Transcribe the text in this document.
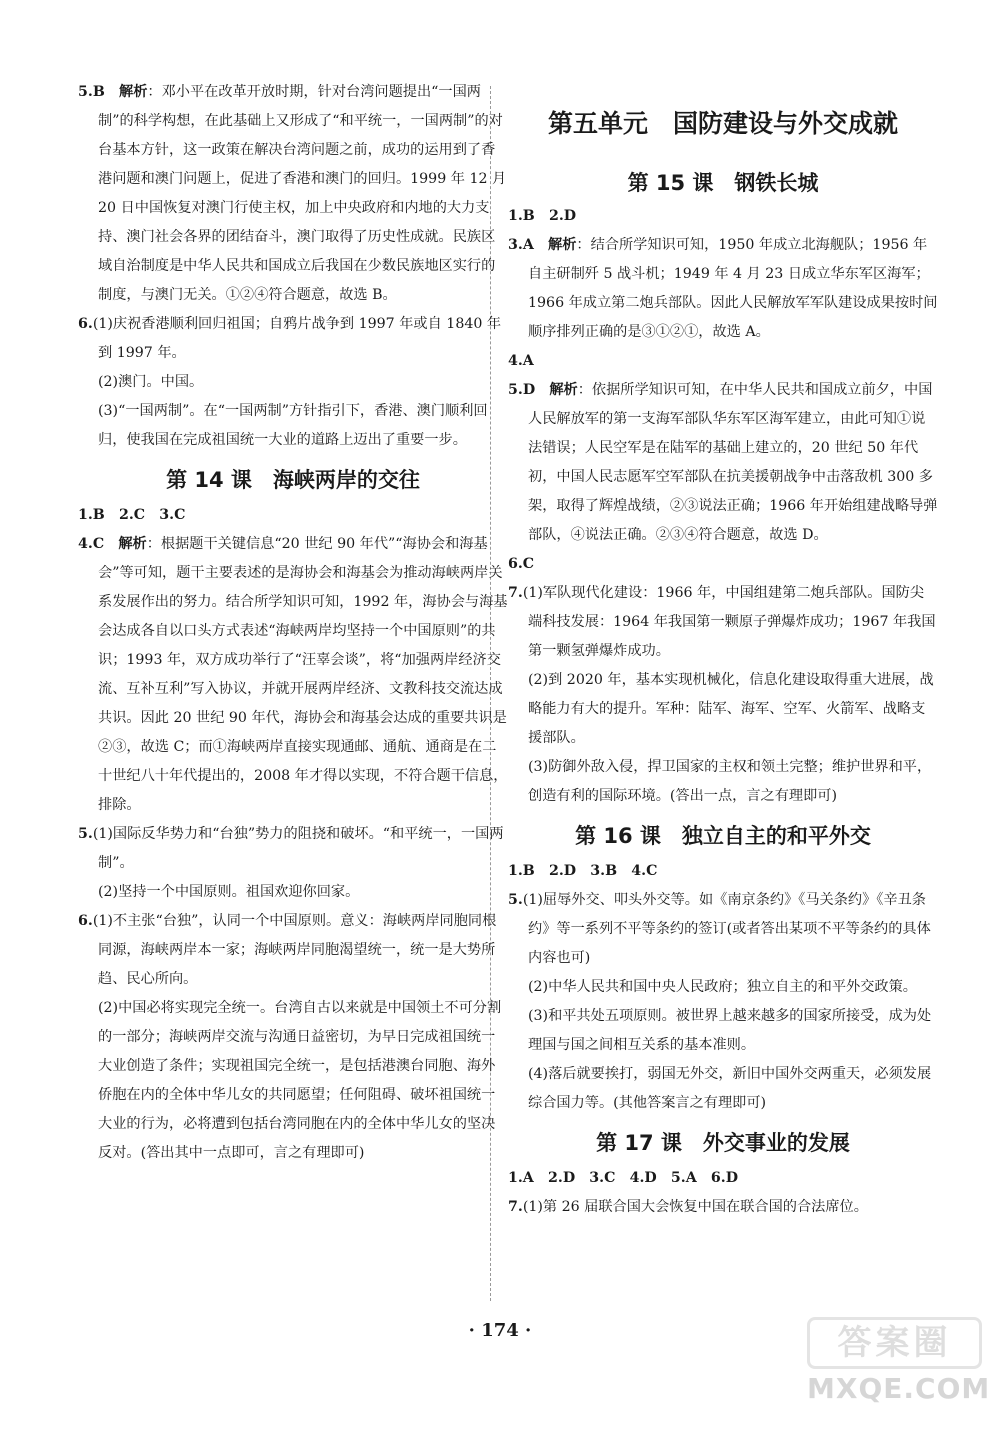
5.B　 解析：邓小平在改革开放时期，针对台湾问题提出“一国两制”的科学构想，在此基础上又形成了“和平统一，一国两制”的对台基本方针，这一政策在解决台湾问题之前，成功的运用到了香港问题和澳门问题上，促进了香港和澳门的回归。1999 年 12 月 20 日中国恢复对澳门行使主权，加上中央政府和内地的大力支持、澳门社会各界的团结奋斗，澳门取得了历史性成就。民族区域自治制度是中华人民共和国成立后我国在少数民族地区实行的制度，与澳门无关。①②④符合题意，故选 B。

6.(1)庆祝香港顺利回归祖国；自鸦片战争到 1997 年或自 1840 年到 1997 年。

(2)澳门。中国。

(3)“一国两制”。在“一国两制”方针指引下，香港、澳门顺利回归，使我国在完成祖国统一大业的道路上迈出了重要一步。

第 14 课　海峡两岸的交往

1.B　2.C　3.C

4.C　 解析：根据题干关键信息“20 世纪 90 年代”“海协会和海基会”等可知，题干主要表述的是海协会和海基会为推动海峡两岸关系发展作出的努力。结合所学知识可知，1992 年，海协会与海基会达成各自以口头方式表述“海峡两岸均坚持一个中国原则”的共识；1993 年，双方成功举行了“汪辜会谈”，将“加强两岸经济交流、互补互利”写入协议，并就开展两岸经济、文教科技交流达成共识。因此 20 世纪 90 年代，海协会和海基会达成的重要共识是②③，故选 C；而①海峡两岸直接实现通邮、通航、通商是在二十世纪八十年代提出的，2008 年才得以实现，不符合题干信息，排除。

5.(1)国际反华势力和“台独”势力的阻挠和破坏。“和平统一，一国两制”。

(2)坚持一个中国原则。祖国欢迎你回家。

6.(1)不主张“台独”，认同一个中国原则。意义：海峡两岸同胞同根同源，海峡两岸本一家；海峡两岸同胞渴望统一，统一是大势所趋、民心所向。

(2)中国必将实现完全统一。台湾自古以来就是中国领土不可分割的一部分；海峡两岸交流与沟通日益密切，为早日完成祖国统一大业创造了条件；实现祖国完全统一，是包括港澳台同胞、海外侨胞在内的全体中华儿女的共同愿望；任何阻碍、破坏祖国统一大业的行为，必将遭到包括台湾同胞在内的全体中华儿女的坚决反对。(答出其中一点即可，言之有理即可)

第五单元　国防建设与外交成就
第 15 课　钢铁长城

1.B　2.D

3.A　 解析：结合所学知识可知，1950 年成立北海舰队；1956 年自主研制歼 5 战斗机；1949 年 4 月 23 日成立华东军区海军；1966 年成立第二炮兵部队。因此人民解放军军队建设成果按时间顺序排列正确的是③①②①，故选 A。

4.A

5.D　 解析：依据所学知识可知，在中华人民共和国成立前夕，中国人民解放军的第一支海军部队华东军区海军建立，由此可知①说法错误；人民空军是在陆军的基础上建立的，20 世纪 50 年代初，中国人民志愿军空军部队在抗美援朝战争中击落敌机 300 多架，取得了辉煌战绩，②③说法正确；1966 年开始组建战略导弹部队，④说法正确。②③④符合题意，故选 D。

6.C

7.(1)军队现代化建设：1966 年，中国组建第二炮兵部队。国防尖端科技发展：1964 年我国第一颗原子弹爆炸成功；1967 年我国第一颗氢弹爆炸成功。

(2)到 2020 年，基本实现机械化，信息化建设取得重大进展，战略能力有大的提升。军种：陆军、海军、空军、火箭军、战略支援部队。

(3)防御外敌入侵，捍卫国家的主权和领土完整；维护世界和平，创造有利的国际环境。(答出一点，言之有理即可)

第 16 课　独立自主的和平外交

1.B　2.D　3.B　4.C

5.(1)屈辱外交、叩头外交等。如《南京条约》《马关条约》《辛丑条约》等一系列不平等条约的签订(或者答出某项不平等条约的具体内容也可)

(2)中华人民共和国中央人民政府；独立自主的和平外交政策。

(3)和平共处五项原则。被世界上越来越多的国家所接受，成为处理国与国之间相互关系的基本准则。

(4)落后就要挨打，弱国无外交，新旧中国外交两重天，必须发展综合国力等。(其他答案言之有理即可)

第 17 课　外交事业的发展

1.A　2.D　3.C　4.D　5.A　6.D

7.(1)第 26 届联合国大会恢复中国在联合国的合法席位。

· 174 ·	答案圈
MXQE.COM
